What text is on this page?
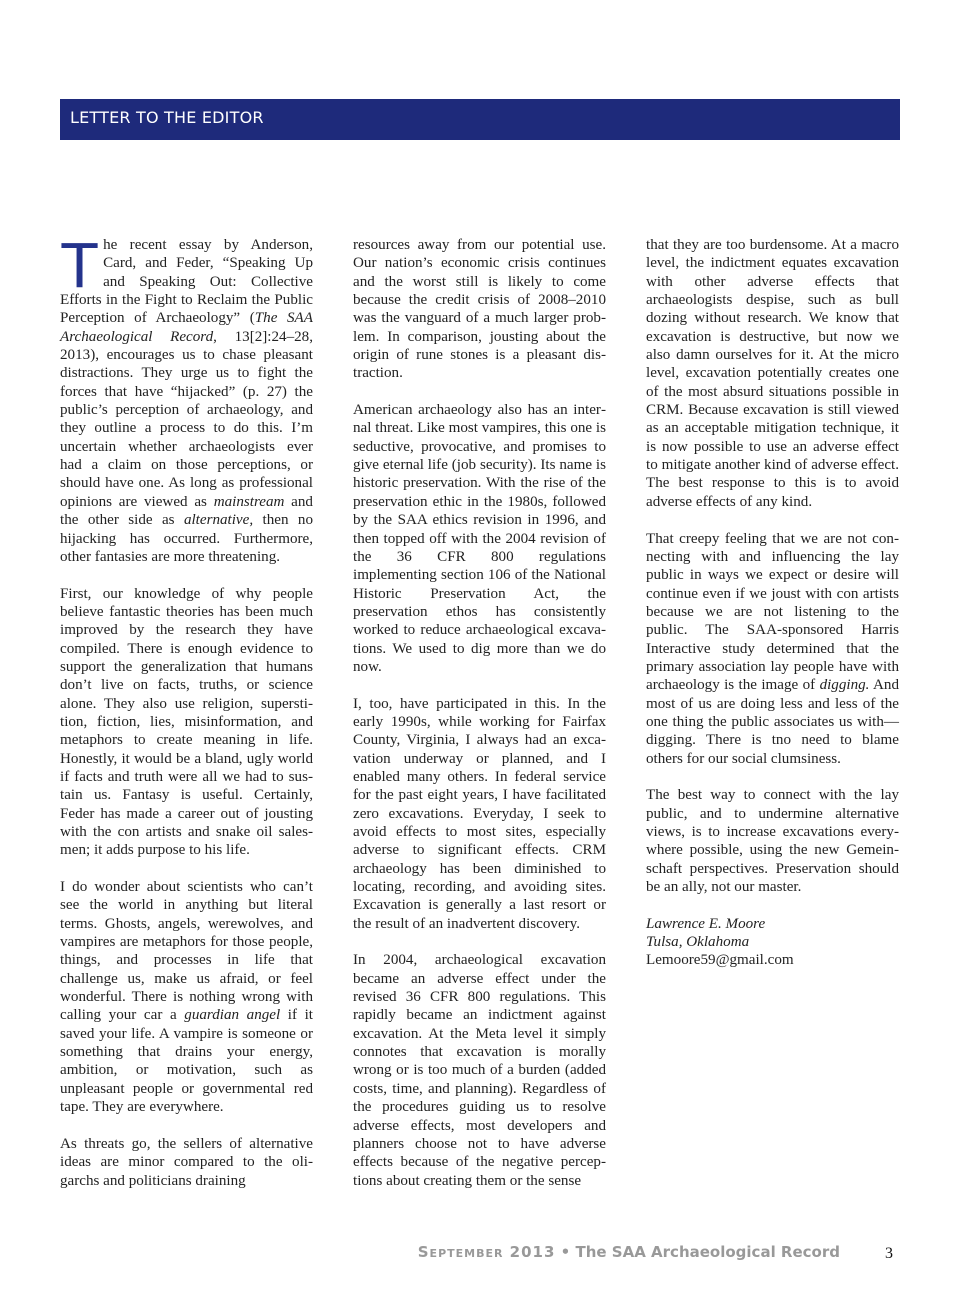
LETTER TO THE EDITOR

The recent essay by Anderson, Card, and Feder, “Speaking Up and Speaking Out: Collective Efforts in the Fight to Reclaim the Public Perception of Archaeology” (The SAA Archaeological Record, 13[2]:24–28, 2013), encourages us to chase pleasant distractions. They urge us to fight the forces that have “hijacked” (p. 27) the public’s perception of archaeology, and they outline a process to do this. I’m uncertain whether archaeologists ever had a claim on those perceptions, or should have one. As long as professional opinions are viewed as mainstream and the other side as alternative, then no hijacking has occurred. Furthermore, other fantasies are more threatening.

First, our knowledge of why people believe fantastic theories has been much improved by the research they have compiled. There is enough evidence to support the generalization that humans don’t live on facts, truths, or science alone. They also use religion, superstition, fiction, lies, misinformation, and metaphors to create meaning in life. Honestly, it would be a bland, ugly world if facts and truth were all we had to sustain us. Fantasy is useful. Certainly, Feder has made a career out of jousting with the con artists and snake oil salesmen; it adds purpose to his life.

I do wonder about scientists who can’t see the world in anything but literal terms. Ghosts, angels, werewolves, and vampires are metaphors for those people, things, and processes in life that challenge us, make us afraid, or feel wonderful. There is nothing wrong with calling your car a guardian angel if it saved your life. A vampire is someone or something that drains your energy, ambition, or motivation, such as unpleasant people or governmental red tape. They are everywhere.

As threats go, the sellers of alternative ideas are minor compared to the oligarchs and politicians draining

resources away from our potential use. Our nation’s economic crisis continues and the worst still is likely to come because the credit crisis of 2008–2010 was the vanguard of a much larger problem. In comparison, jousting about the origin of rune stones is a pleasant distraction.

American archaeology also has an internal threat. Like most vampires, this one is seductive, provocative, and promises to give eternal life (job security). Its name is historic preservation. With the rise of the preservation ethic in the 1980s, followed by the SAA ethics revision in 1996, and then topped off with the 2004 revision of the 36 CFR 800 regulations implementing section 106 of the National Historic Preservation Act, the preservation ethos has consistently worked to reduce archaeological excavations. We used to dig more than we do now.

I, too, have participated in this. In the early 1990s, while working for Fairfax County, Virginia, I always had an excavation underway or planned, and I enabled many others. In federal service for the past eight years, I have facilitated zero excavations. Everyday, I seek to avoid effects to most sites, especially adverse to significant effects. CRM archaeology has been diminished to locating, recording, and avoiding sites. Excavation is generally a last resort or the result of an inadvertent discovery.

In 2004, archaeological excavation became an adverse effect under the revised 36 CFR 800 regulations. This rapidly became an indictment against excavation. At the Meta level it simply connotes that excavation is morally wrong or is too much of a burden (added costs, time, and planning). Regardless of the procedures guiding us to resolve adverse effects, most developers and planners choose not to have adverse effects because of the negative perceptions about creating them or the sense

that they are too burdensome. At a macro level, the indictment equates excavation with other adverse effects that archaeologists despise, such as bull dozing without research. We know that excavation is destructive, but now we also damn ourselves for it. At the micro level, excavation potentially creates one of the most absurd situations possible in CRM. Because excavation is still viewed as an acceptable mitigation technique, it is now possible to use an adverse effect to mitigate another kind of adverse effect. The best response to this is to avoid adverse effects of any kind.

That creepy feeling that we are not connecting with and influencing the lay public in ways we expect or desire will continue even if we joust with con artists because we are not listening to the public. The SAA-sponsored Harris Interactive study determined that the primary association lay people have with archaeology is the image of digging. And most of us are doing less and less of the one thing the public associates us with—digging. There is tno need to blame others for our social clumsiness.

The best way to connect with the lay public, and to undermine alternative views, is to increase excavations everywhere possible, using the new Gemeinschaft perspectives. Preservation should be an ally, not our master.

Lawrence E. Moore
Tulsa, Oklahoma
Lemoore59@gmail.com
September 2013 • The SAA Archaeological Record	3
